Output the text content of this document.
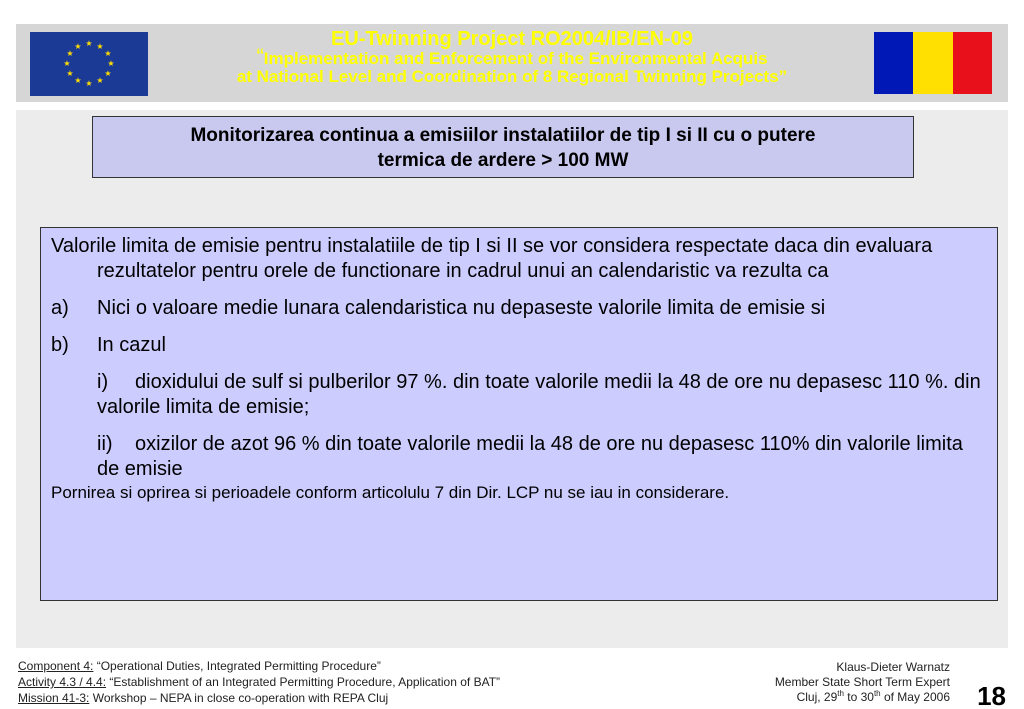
★ ★
★
★
★
★
★
★
★
★
★
★	EU-Twinning Project RO2004/IB/EN-09
“Implementation and Enforcement of the Environmental Acquis
at National Level and Coordination of 8 Regional Twinning Projects”
Monitorizarea continua a emisiilor instalatiilor de tip I si II cu o putere
termica de ardere > 100 MW

Valorile limita de emisie pentru instalatiile de tip I si II se vor considera respectate daca din evaluara rezultatelor pentru orele de functionare in cadrul unui an calendaristic va rezulta ca

a)	Nici o valoare medie lunara calendaristica nu depaseste valorile limita de emisie si
b)	In cazul
i) dioxidului de sulf si pulberilor 97 %. din toate valorile medii la 48 de ore nu depasesc 110 %. din valorile limita de emisie;
ii) oxizilor de azot 96 % din toate valorile medii la 48 de ore nu depasesc 110% din valorile limita de emisie

Pornirea si oprirea si perioadele conform articolulu 7 din Dir. LCP nu se iau in considerare.

Component 4: “Operational Duties, Integrated Permitting Procedure”
Activity 4.3 / 4.4: “Establishment of an Integrated Permitting Procedure, Application of BAT”
Mission 41-3: Workshop – NEPA in close co-operation with REPA Cluj
Klaus-Dieter Warnatz
Member State Short Term Expert
Cluj, 29th to 30th of May 2006	18
